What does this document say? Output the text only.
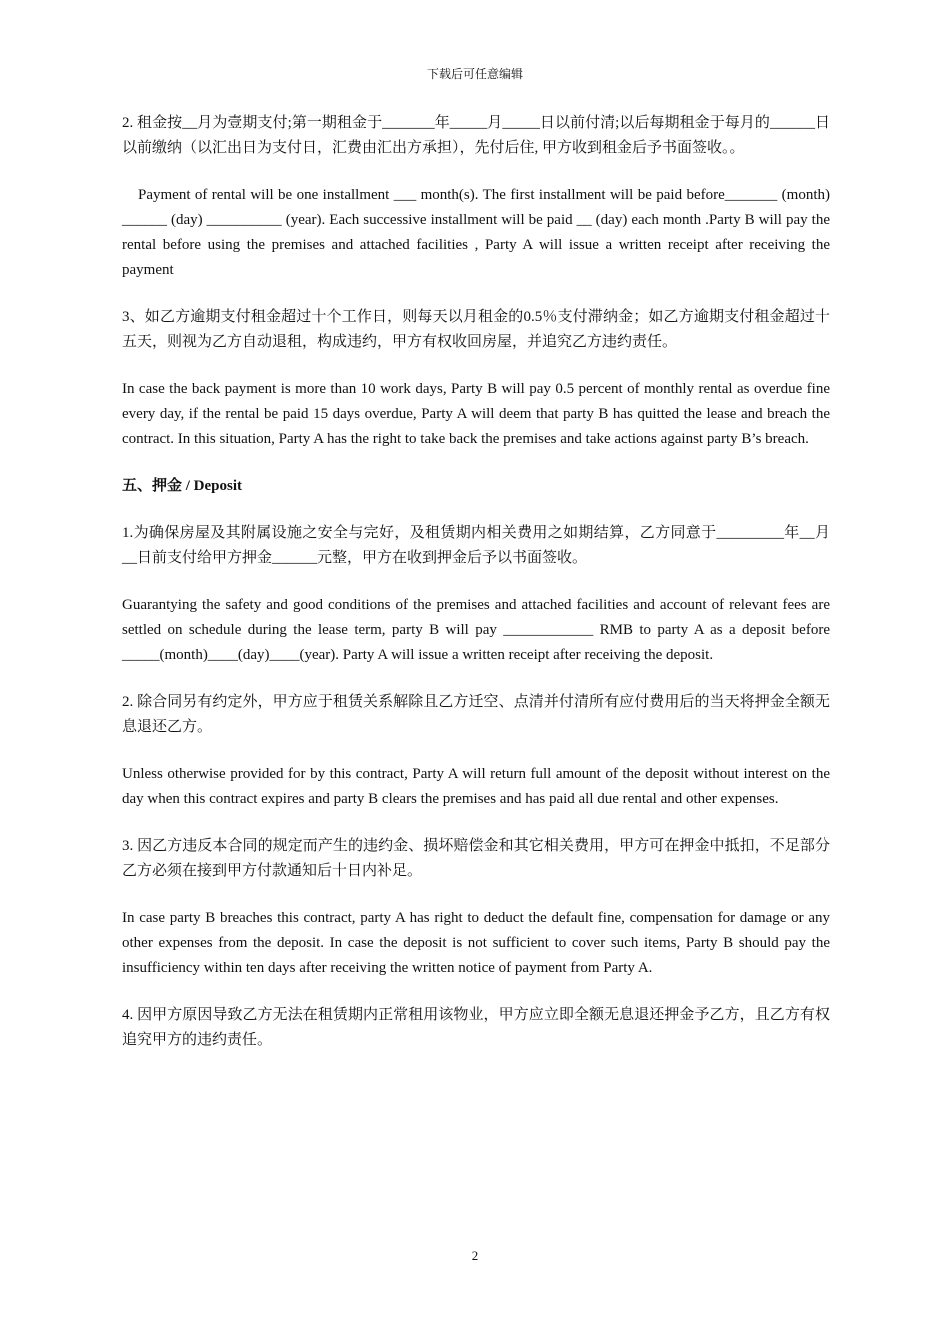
下载后可任意编辑

2. 租金按__月为壹期支付;第一期租金于_______年_____月_____日以前付清;以后每期租金于每月的______日以前缴纳（以汇出日为支付日，汇费由汇出方承担），先付后住, 甲方收到租金后予书面签收。。

Payment of rental will be one installment ___ month(s). The first installment will be paid before_______ (month) ______ (day) __________ (year). Each successive installment will be paid __ (day) each month .Party B will pay the rental before using the premises and attached facilities , Party A will issue a written receipt after receiving the payment

3、如乙方逾期支付租金超过十个工作日，则每天以月租金的0.5％支付滞纳金；如乙方逾期支付租金超过十五天，则视为乙方自动退租，构成违约，甲方有权收回房屋，并追究乙方违约责任。

In case the back payment is more than 10 work days, Party B will pay 0.5 percent of monthly rental as overdue fine every day, if the rental be paid 15 days overdue, Party A will deem that party B has quitted the lease and breach the contract. In this situation, Party A has the right to take back the premises and take actions against party B’s breach.

五、押金 / Deposit

1.为确保房屋及其附属设施之安全与完好，及租赁期内相关费用之如期结算，乙方同意于_________年__月__日前支付给甲方押金______元整，甲方在收到押金后予以书面签收。

Guarantying the safety and good conditions of the premises and attached facilities and account of relevant fees are settled on schedule during the lease term, party B will pay ____________ RMB to party A as a deposit before _____(month)____(day)____(year). Party A will issue a written receipt after receiving the deposit.

2. 除合同另有约定外，甲方应于租赁关系解除且乙方迁空、点清并付清所有应付费用后的当天将押金全额无息退还乙方。

Unless otherwise provided for by this contract, Party A will return full amount of the deposit without interest on the day when this contract expires and party B clears the premises and has paid all due rental and other expenses.

3. 因乙方违反本合同的规定而产生的违约金、损坏赔偿金和其它相关费用，甲方可在押金中抵扣，不足部分乙方必须在接到甲方付款通知后十日内补足。

In case party B breaches this contract, party A has right to deduct the default fine, compensation for damage or any other expenses from the deposit. In case the deposit is not sufficient to cover such items, Party B should pay the insufficiency within ten days after receiving the written notice of payment from Party A.

4. 因甲方原因导致乙方无法在租赁期内正常租用该物业，甲方应立即全额无息退还押金予乙方，且乙方有权追究甲方的违约责任。

2
